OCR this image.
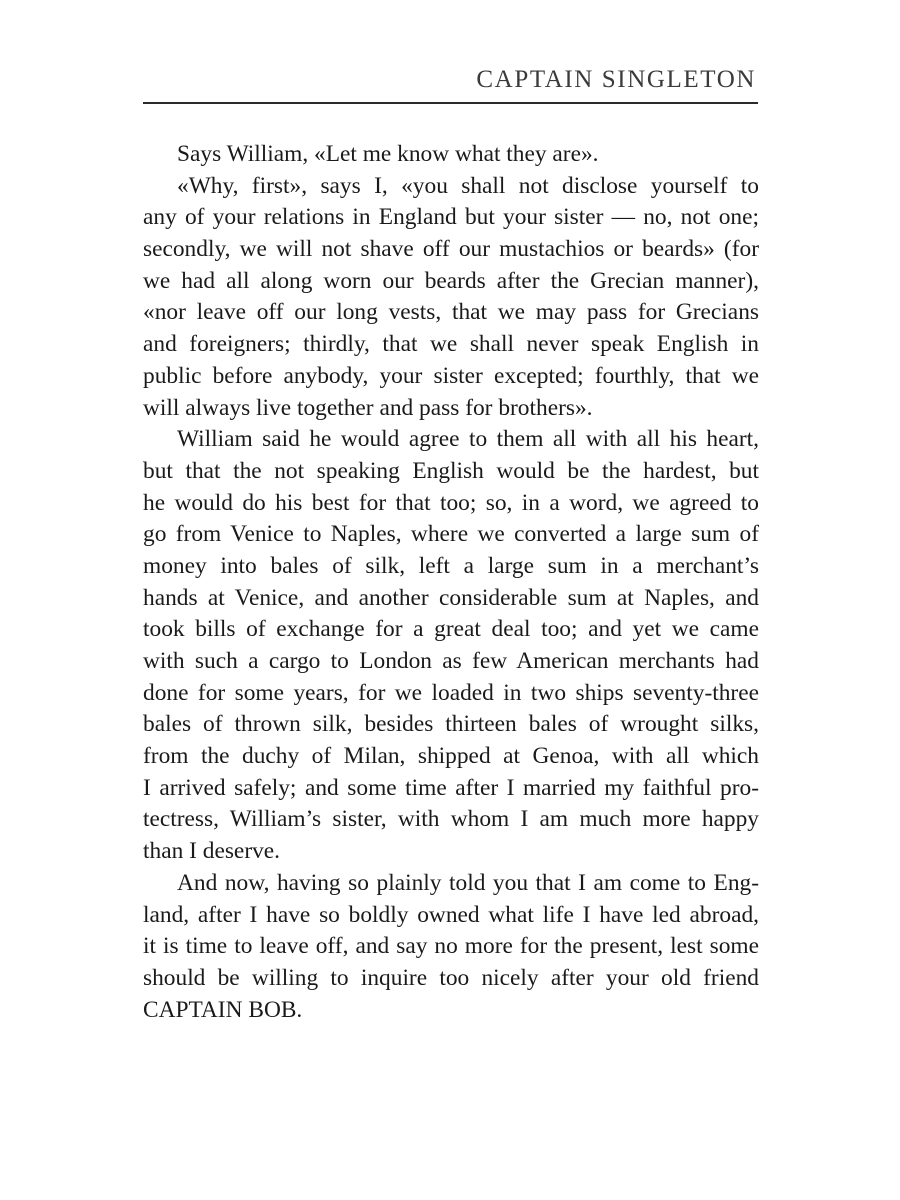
CAPTAIN SINGLETON
Says William, «Let me know what they are».
«Why, first», says I, «you shall not disclose yourself to
any of your relations in England but your sister — no, not one;
secondly, we will not shave off our mustachios or beards» (for
we had all along worn our beards after the Grecian manner),
«nor leave off our long vests, that we may pass for Grecians
and foreigners; thirdly, that we shall never speak English in
public before anybody, your sister excepted; fourthly, that we
will always live together and pass for brothers».
William said he would agree to them all with all his heart,
but that the not speaking English would be the hardest, but
he would do his best for that too; so, in a word, we agreed to
go from Venice to Naples, where we converted a large sum of
money into bales of silk, left a large sum in a merchant’s
hands at Venice, and another considerable sum at Naples, and
took bills of exchange for a great deal too; and yet we came
with such a cargo to London as few American merchants had
done for some years, for we loaded in two ships seventy-three
bales of thrown silk, besides thirteen bales of wrought silks,
from the duchy of Milan, shipped at Genoa, with all which
I arrived safely; and some time after I married my faithful pro-
tectress, William’s sister, with whom I am much more happy
than I deserve.
And now, having so plainly told you that I am come to Eng-
land, after I have so boldly owned what life I have led abroad,
it is time to leave off, and say no more for the present, lest some
should be willing to inquire too nicely after your old friend
CAPTAIN BOB.
